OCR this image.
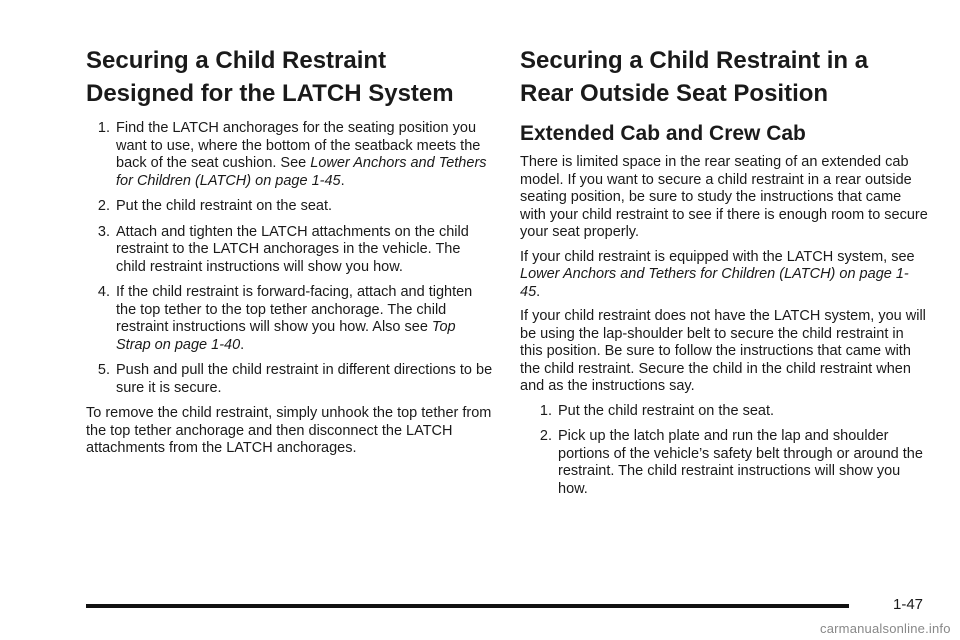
Securing a Child Restraint Designed for the LATCH System
1. Find the LATCH anchorages for the seating position you want to use, where the bottom of the seatback meets the back of the seat cushion. See Lower Anchors and Tethers for Children (LATCH) on page 1-45.
2. Put the child restraint on the seat.
3. Attach and tighten the LATCH attachments on the child restraint to the LATCH anchorages in the vehicle. The child restraint instructions will show you how.
4. If the child restraint is forward-facing, attach and tighten the top tether to the top tether anchorage. The child restraint instructions will show you how. Also see Top Strap on page 1-40.
5. Push and pull the child restraint in different directions to be sure it is secure.

To remove the child restraint, simply unhook the top tether from the top tether anchorage and then disconnect the LATCH attachments from the LATCH anchorages.

Securing a Child Restraint in a Rear Outside Seat Position
Extended Cab and Crew Cab

There is limited space in the rear seating of an extended cab model. If you want to secure a child restraint in a rear outside seating position, be sure to study the instructions that came with your child restraint to see if there is enough room to secure your seat properly.

If your child restraint is equipped with the LATCH system, see Lower Anchors and Tethers for Children (LATCH) on page 1-45.

If your child restraint does not have the LATCH system, you will be using the lap-shoulder belt to secure the child restraint in this position. Be sure to follow the instructions that came with the child restraint. Secure the child in the child restraint when and as the instructions say.

1. Put the child restraint on the seat.
2. Pick up the latch plate and run the lap and shoulder portions of the vehicle’s safety belt through or around the restraint. The child restraint instructions will show you how.
1-47
carmanualsonline.info
